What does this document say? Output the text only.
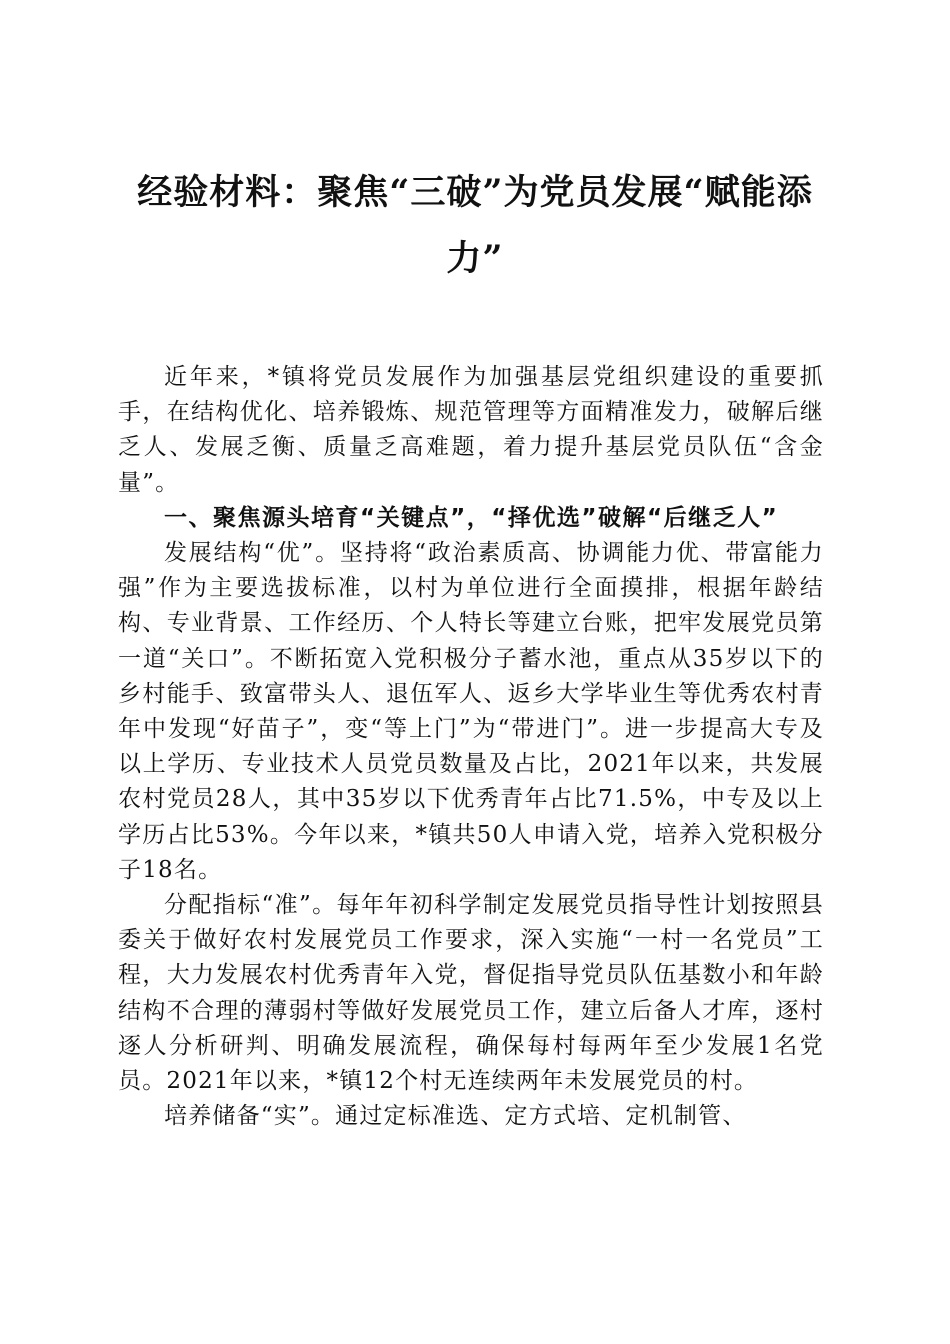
经验材料：聚焦“三破”为党员发展“赋能添力”

近年来，*镇将党员发展作为加强基层党组织建设的重要抓手，在结构优化、培养锻炼、规范管理等方面精准发力，破解后继乏人、发展乏衡、质量乏高难题，着力提升基层党员队伍“含金量”。

一、聚焦源头培育“关键点”，“择优选”破解“后继乏人”

发展结构“优”。坚持将“政治素质高、协调能力优、带富能力强”作为主要选拔标准，以村为单位进行全面摸排，根据年龄结构、专业背景、工作经历、个人特长等建立台账，把牢发展党员第一道“关口”。不断拓宽入党积极分子蓄水池，重点从35岁以下的乡村能手、致富带头人、退伍军人、返乡大学毕业生等优秀农村青年中发现“好苗子”，变“等上门”为“带进门”。进一步提高大专及以上学历、专业技术人员党员数量及占比，2021年以来，共发展农村党员28人，其中35岁以下优秀青年占比71.5%，中专及以上学历占比53%。今年以来，*镇共50人申请入党，培养入党积极分子18名。

分配指标“准”。每年年初科学制定发展党员指导性计划按照县委关于做好农村发展党员工作要求，深入实施“一村一名党员”工程，大力发展农村优秀青年入党，督促指导党员队伍基数小和年龄结构不合理的薄弱村等做好发展党员工作，建立后备人才库，逐村逐人分析研判、明确发展流程，确保每村每两年至少发展1名党员。2021年以来，*镇12个村无连续两年未发展党员的村。

培养储备“实”。通过定标准选、定方式培、定机制管、
